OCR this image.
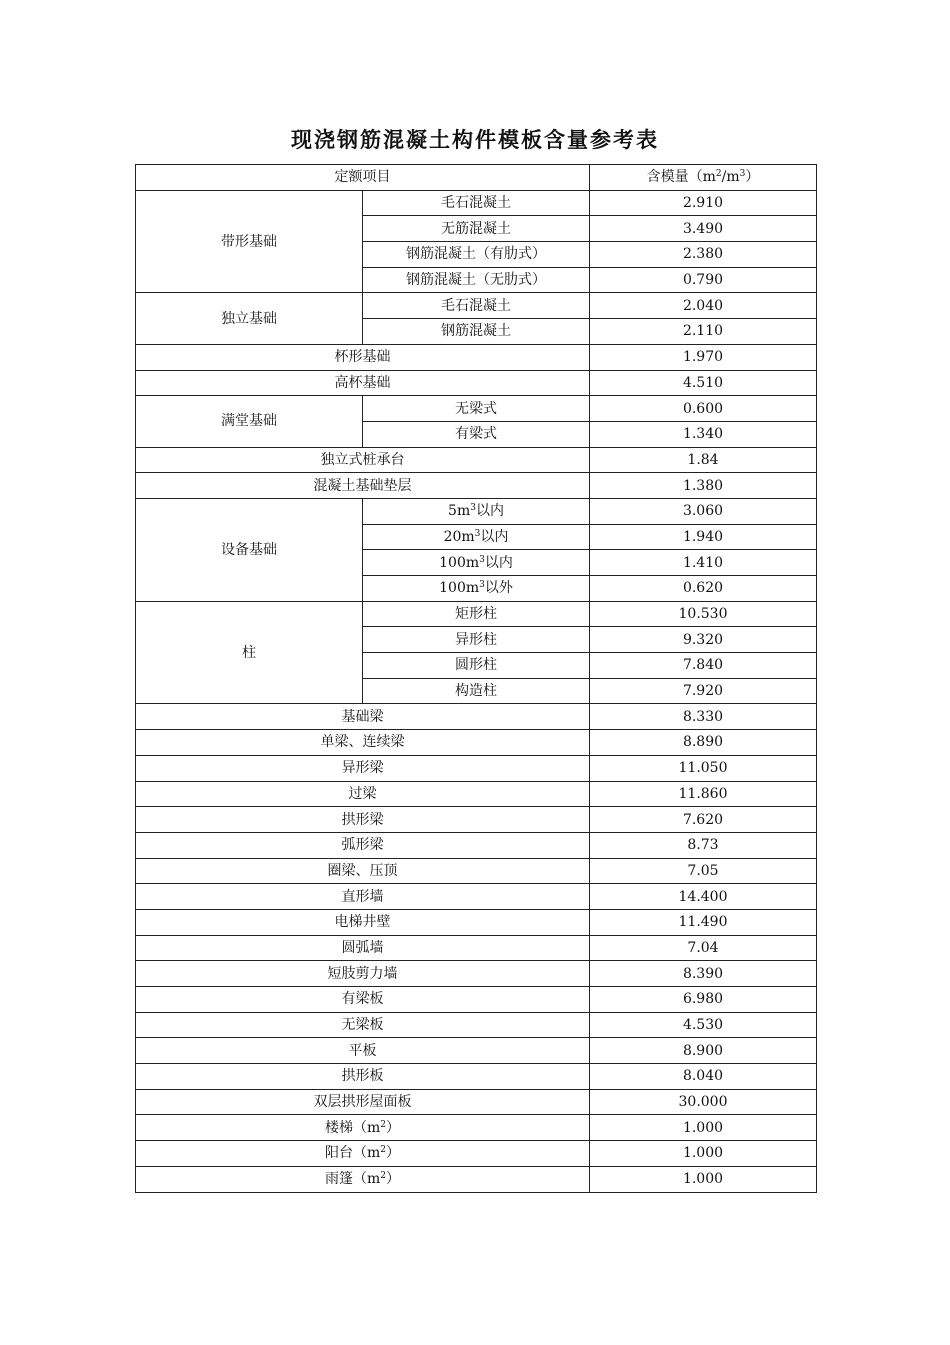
现浇钢筋混凝土构件模板含量参考表
定额项目		含模量$(m^2/m^3)$
带形基础	毛石混凝土	2.910
	无筋混凝土	3.490
	钢筋混凝土（有肋式）	2.380
	钢筋混凝土（无肋式）	0.790
独立基础	毛石混凝土	2.040
	钢筋混凝土	2.110
杯形基础		1.970
高杯基础		4.510
满堂基础	无梁式	0.600
	有梁式	1.340
独立式桩承台		1.84
混凝土基础垫层		1.380
设备基础	$5m^3$以内	3.060
	$20m^3$以内	1.940
	$100m^3$以内	1.410
	$100m^3$以外	0.620
柱	矩形柱	10.530
	异形柱	9.320
	圆形柱	7.840
	构造柱	7.920
基础梁		8.330
单梁、连续梁		8.890
异形梁		11.050
过梁		11.860
拱形梁		7.620
弧形梁		8.73
圈梁、压顶		7.05
直形墙		14.400
电梯井壁		11.490
圆弧墙		7.04
短肢剪力墙		8.390
有梁板		6.980
无梁板		4.530
平板		8.900
拱形板		8.040
双层拱形屋面板		30.000
楼梯$(m^2)$		1.000
阳台$(m^2)$		1.000
雨篷$(m^2)$		1.000
